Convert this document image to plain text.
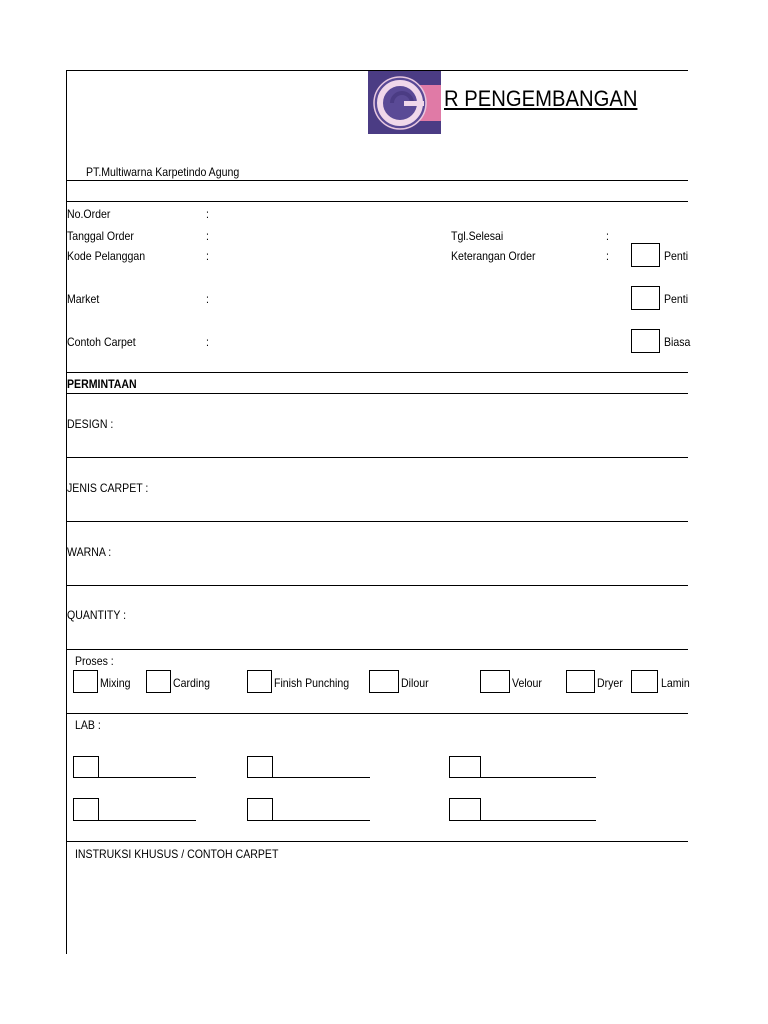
R PENGEMBANGAN
PT.Multiwarna Karpetindo Agung
No.Order	:
Tanggal Order	:	Tgl.Selesai	:
Kode Pelanggan	:	Keterangan Order	:	Penti
Market	:	Penti
Contoh Carpet	:	Biasa
PERMINTAAN
DESIGN :
JENIS CARPET :
WARNA :
QUANTITY :
Proses :
Mixing	Carding	Finish Punching	Dilour	Velour	Dryer	Lamin
LAB :
INSTRUKSI KHUSUS / CONTOH CARPET
